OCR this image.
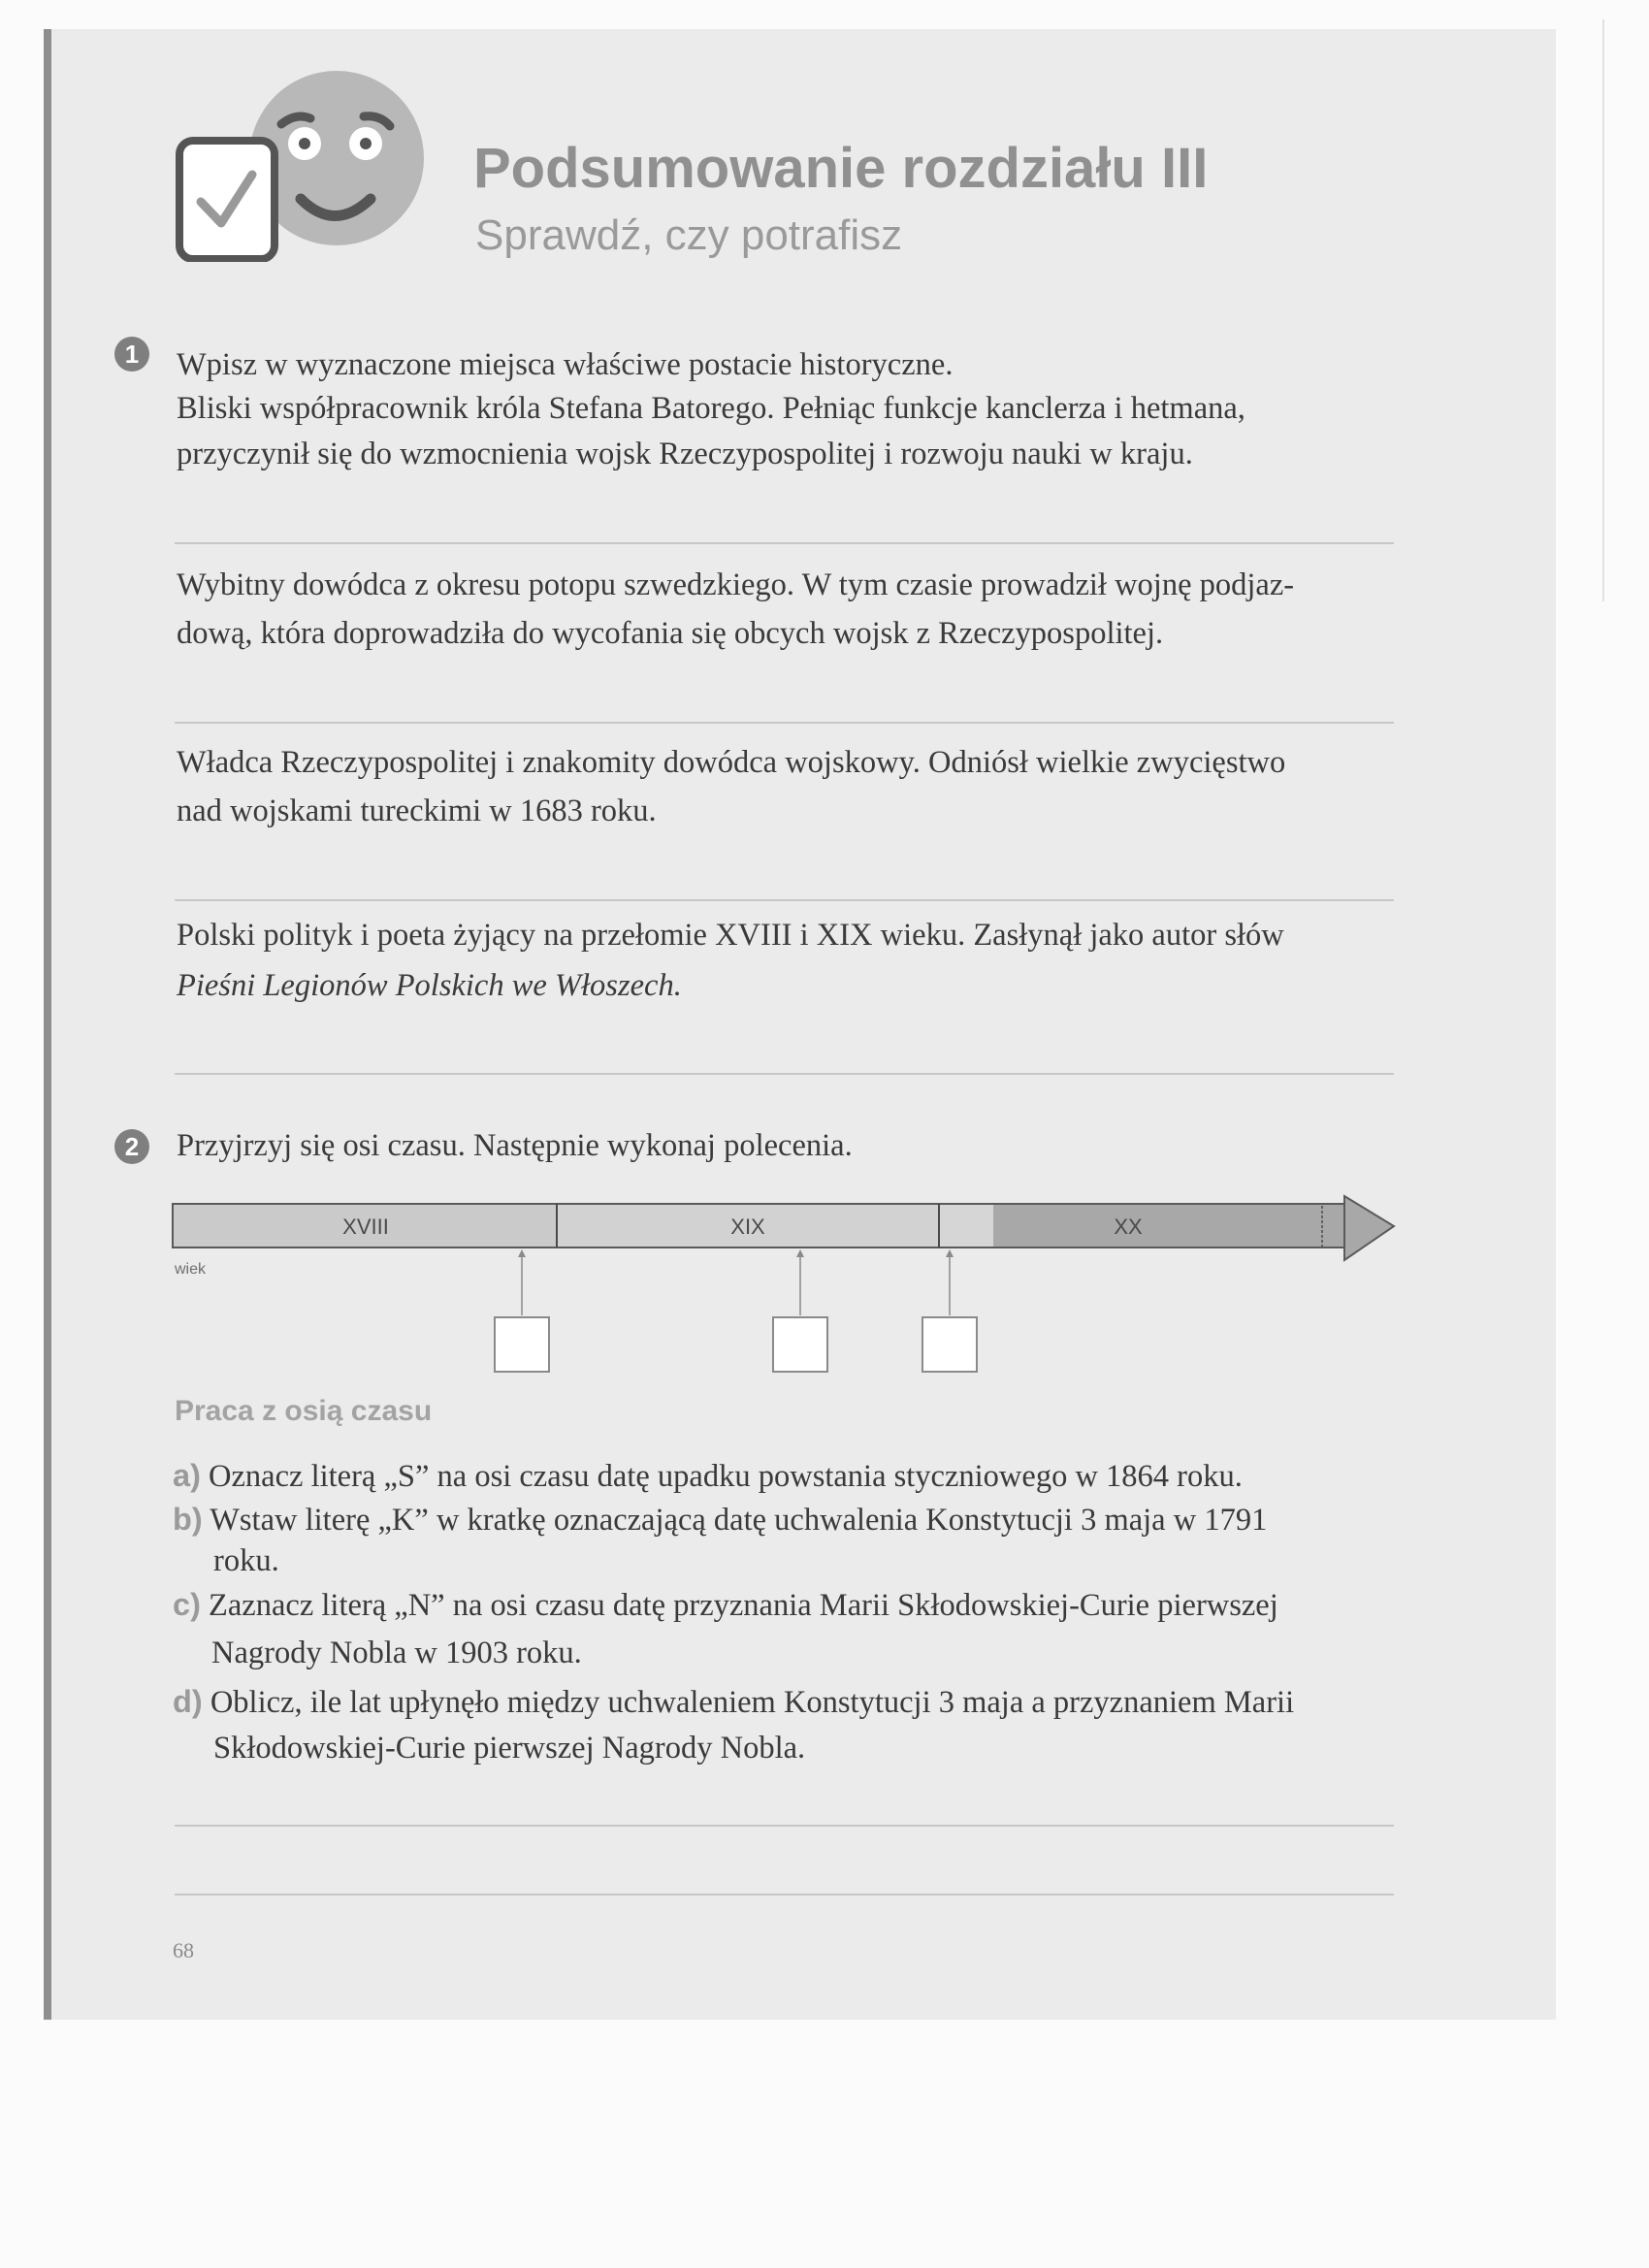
Podsumowanie rozdziału III
Sprawdź, czy potrafisz
1	Wpisz w wyznaczone miejsca właściwe postacie historyczne.
Bliski współpracownik króla Stefana Batorego. Pełniąc funkcje kanclerza i hetmana,
przyczynił się do wzmocnienia wojsk Rzeczypospolitej i rozwoju nauki w kraju.
Wybitny dowódca z okresu potopu szwedzkiego. W tym czasie prowadził wojnę podjaz-
dową, która doprowadziła do wycofania się obcych wojsk z Rzeczypospolitej.
Władca Rzeczypospolitej i znakomity dowódca wojskowy. Odniósł wielkie zwycięstwo
nad wojskami tureckimi w 1683 roku.
Polski polityk i poeta żyjący na przełomie XVIII i XIX wieku. Zasłynął jako autor słów
Pieśni Legionów Polskich we Włoszech.
2	Przyjrzyj się osi czasu. Następnie wykonaj polecenia.
XVIII	XIX	XX
wiek
Praca z osią czasu
a) Oznacz literą „S” na osi czasu datę upadku powstania styczniowego w 1864 roku.
b) Wstaw literę „K” w kratkę oznaczającą datę uchwalenia Konstytucji 3 maja w 1791
roku.
c) Zaznacz literą „N” na osi czasu datę przyznania Marii Skłodowskiej-Curie pierwszej
Nagrody Nobla w 1903 roku.
d) Oblicz, ile lat upłynęło między uchwaleniem Konstytucji 3 maja a przyznaniem Marii
Skłodowskiej-Curie pierwszej Nagrody Nobla.
68
